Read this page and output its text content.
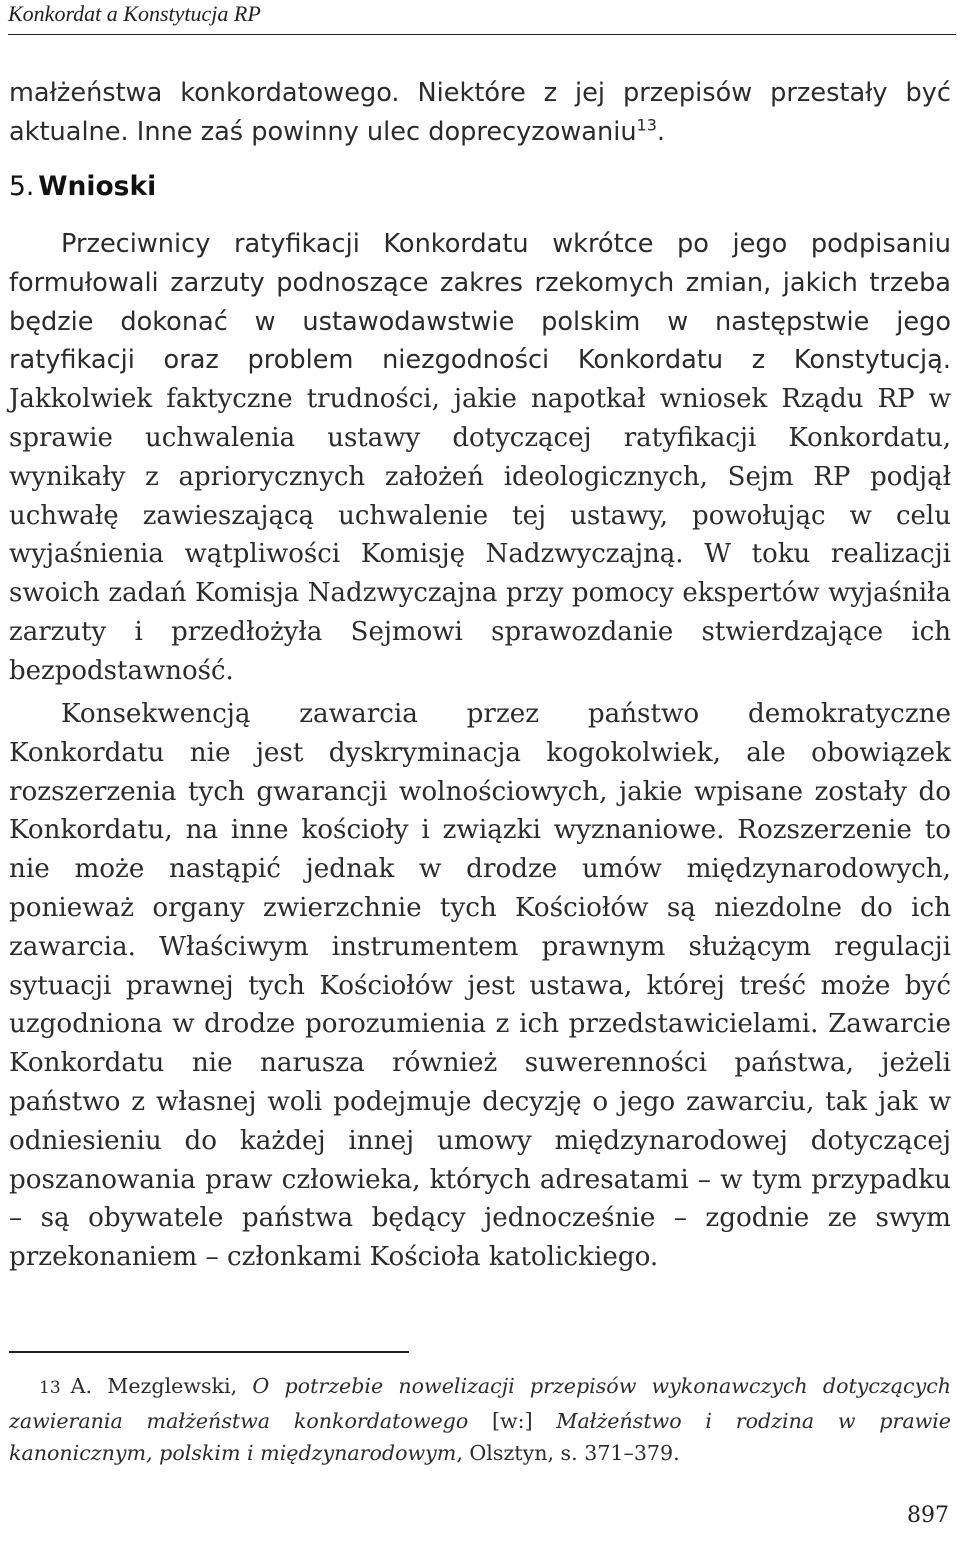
Konkordat a Konstytucja RP

małżeństwa konkordatowego. Niektóre z jej przepisów przestały być aktualne. Inne zaś powinny ulec doprecyzowaniu$^{13}$.

5. Wnioski

Przeciwnicy ratyfikacji Konkordatu wkrótce po jego podpisaniu formułowali zarzuty podnoszące zakres rzekomych zmian, jakich trzeba będzie dokonać w ustawodawstwie polskim w następstwie jego ratyfikacji oraz problem niezgodności Konkordatu z Konstytucją. Jakkolwiek faktyczne trudności, jakie napotkał wniosek Rządu RP w sprawie uchwalenia ustawy dotyczącej ratyfikacji Konkordatu, wynikały z apriorycznych założeń ideologicznych, Sejm RP podjął uchwałę zawieszającą uchwalenie tej ustawy, powołując w celu wyjaśnienia wątpliwości Komisję Nadzwyczajną. W toku realizacji swoich zadań Komisja Nadzwyczajna przy pomocy ekspertów wyjaśniła zarzuty i przedłożyła Sejmowi sprawozdanie stwierdzające ich bezpodstawność.

Konsekwencją zawarcia przez państwo demokratyczne Konkordatu nie jest dyskryminacja kogokolwiek, ale obowiązek rozszerzenia tych gwarancji wolnościowych, jakie wpisane zostały do Konkordatu, na inne kościoły i związki wyznaniowe. Rozszerzenie to nie może nastąpić jednak w drodze umów międzynarodowych, ponieważ organy zwierzchnie tych Kościołów są niezdolne do ich zawarcia. Właściwym instrumentem prawnym służącym regulacji sytuacji prawnej tych Kościołów jest ustawa, której treść może być uzgodniona w drodze porozumienia z ich przedstawicielami. Zawarcie Konkordatu nie narusza również suwerenności państwa, jeżeli państwo z własnej woli podejmuje decyzję o jego zawarciu, tak jak w odniesieniu do każdej innej umowy międzynarodowej dotyczącej poszanowania praw człowieka, których adresatami – w tym przypadku – są obywatele państwa będący jednocześnie – zgodnie ze swym przekonaniem – członkami Kościoła katolickiego.

13 A. Mezglewski, O potrzebie nowelizacji przepisów wykonawczych dotyczących zawierania małżeństwa konkordatowego [w:] Małżeństwo i rodzina w prawie kanonicznym, polskim i międzynarodowym, Olsztyn, s. 371–379.

897
